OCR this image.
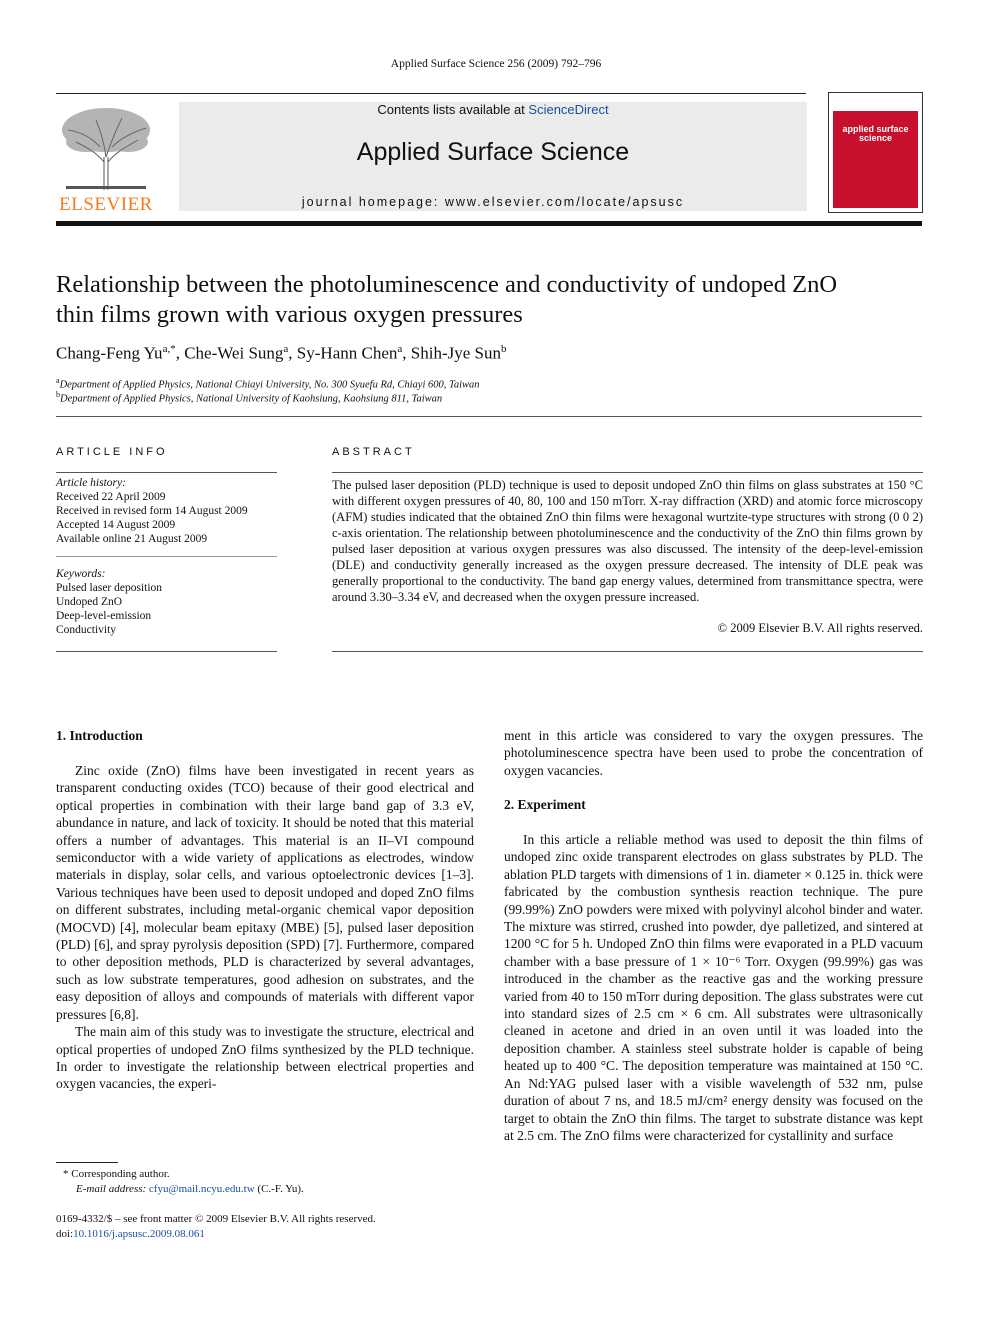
Applied Surface Science 256 (2009) 792–796
ELSEVIER
Contents lists available at ScienceDirect
Applied Surface Science
journal homepage: www.elsevier.com/locate/apsusc
applied surface science
Relationship between the photoluminescence and conductivity of undoped ZnO
thin films grown with various oxygen pressures
Chang-Feng $Yu^{a,*}$, Che-Wei Sung$^a$, Sy-Hann Chen$^a$, Shih-Jye Sun$^b$
$^a$Department of Applied Physics, National Chiayi University, No. 300 Syuefu Rd, Chiayi 600, Taiwan
$^b$Department of Applied Physics, National University of Kaohsiung, Kaohsiung 811, Taiwan
ARTICLE INFO
Article history:
Received 22 April 2009
Received in revised form 14 August 2009
Accepted 14 August 2009
Available online 21 August 2009
Keywords:
Pulsed laser deposition
Undoped ZnO
Deep-level-emission
Conductivity
ABSTRACT
The pulsed laser deposition (PLD) technique is used to deposit undoped ZnO thin films on glass substrates at 150 °C with different oxygen pressures of 40, 80, 100 and 150 mTorr. X-ray diffraction (XRD) and atomic force microscopy (AFM) studies indicated that the obtained ZnO thin films were hexagonal wurtzite-type structures with strong (0 0 2) c-axis orientation. The relationship between photoluminescence and the conductivity of the ZnO thin films grown by pulsed laser deposition at various oxygen pressures was also discussed. The intensity of the deep-level-emission (DLE) and conductivity generally increased as the oxygen pressure decreased. The intensity of DLE peak was generally proportional to the conductivity. The band gap energy values, determined from transmittance spectra, were around 3.30–3.34 eV, and decreased when the oxygen pressure increased.
© 2009 Elsevier B.V. All rights reserved.
1. Introduction

Zinc oxide (ZnO) films have been investigated in recent years as transparent conducting oxides (TCO) because of their good electrical and optical properties in combination with their large band gap of 3.3 eV, abundance in nature, and lack of toxicity. It should be noted that this material offers a number of advantages. This material is an II–VI compound semiconductor with a wide variety of applications as electrodes, window materials in display, solar cells, and various optoelectronic devices [1–3]. Various techniques have been used to deposit undoped and doped ZnO films on different substrates, including metal-organic chemical vapor deposition (MOCVD) [4], molecular beam epitaxy (MBE) [5], pulsed laser deposition (PLD) [6], and spray pyrolysis deposition (SPD) [7]. Furthermore, compared to other deposition methods, PLD is characterized by several advantages, such as low substrate temperatures, good adhesion on substrates, and the easy deposition of alloys and compounds of materials with different vapor pressures [6,8].

The main aim of this study was to investigate the structure, electrical and optical properties of undoped ZnO films synthesized by the PLD technique. In order to investigate the relationship between electrical properties and oxygen vacancies, the experi-

ment in this article was considered to vary the oxygen pressures. The photoluminescence spectra have been used to probe the concentration of oxygen vacancies.

2. Experiment

In this article a reliable method was used to deposit the thin films of undoped zinc oxide transparent electrodes on glass substrates by PLD. The ablation PLD targets with dimensions of 1 in. diameter × 0.125 in. thick were fabricated by the combustion synthesis reaction technique. The pure (99.99%) ZnO powders were mixed with polyvinyl alcohol binder and water. The mixture was stirred, crushed into powder, dye palletized, and sintered at 1200 °C for 5 h. Undoped ZnO thin films were evaporated in a PLD vacuum chamber with a base pressure of 1 × 10⁻⁶ Torr. Oxygen (99.99%) gas was introduced in the chamber as the reactive gas and the working pressure varied from 40 to 150 mTorr during deposition. The glass substrates were cut into standard sizes of 2.5 cm × 6 cm. All substrates were ultrasonically cleaned in acetone and dried in an oven until it was loaded into the deposition chamber. A stainless steel substrate holder is capable of being heated up to 400 °C. The deposition temperature was maintained at 150 °C. An Nd:YAG pulsed laser with a visible wavelength of 532 nm, pulse duration of about 7 ns, and 18.5 mJ/cm² energy density was focused on the target to obtain the ZnO thin films. The target to substrate distance was kept at 2.5 cm. The ZnO films were characterized for cystallinity and surface

* Corresponding author.
E-mail address: cfyu@mail.ncyu.edu.tw (C.-F. Yu).
0169-4332/$ – see front matter © 2009 Elsevier B.V. All rights reserved.
doi:10.1016/j.apsusc.2009.08.061
